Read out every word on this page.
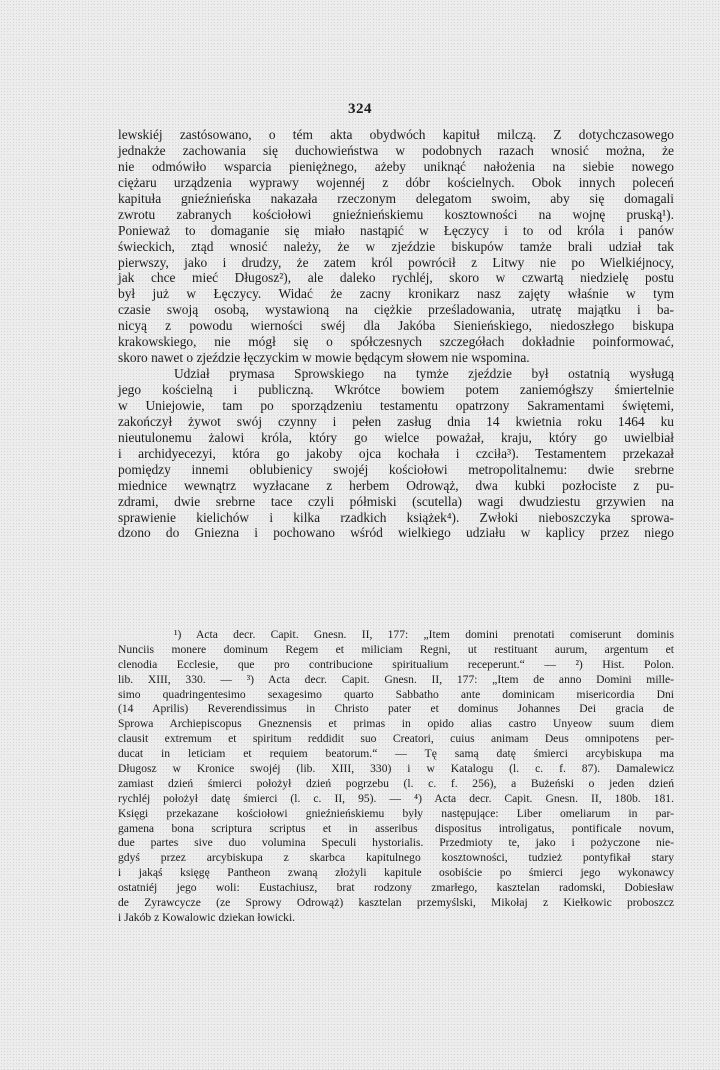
324
lewskiéj zastósowano, o tém akta obydwóch kapituł milczą. Z dotychczasowego
jednakże zachowania się duchowieństwa w podobnych razach wnosić można, że
nie odmówiło wsparcia pieniężnego, ażeby uniknąć nałożenia na siebie nowego
ciężaru urządzenia wyprawy wojennéj z dóbr kościelnych. Obok innych poleceń
kapituła gnieźnieńska nakazała rzeczonym delegatom swoim, aby się domagali
zwrotu zabranych kościołowi gnieźnieńskiemu kosztowności na wojnę pruską¹).
Ponieważ to domaganie się miało nastąpić w Łęczycy i to od króla i panów
świeckich, ztąd wnosić należy, że w zjeździe biskupów tamże brali udział tak
pierwszy, jako i drudzy, że zatem król powrócił z Litwy nie po Wielkiéjnocy,
jak chce mieć Długosz²), ale daleko rychléj, skoro w czwartą niedzielę postu
był już w Łęczycy. Widać że zacny kronikarz nasz zajęty właśnie w tym
czasie swoją osobą, wystawioną na ciężkie prześladowania, utratę majątku i ba-
nicyą z powodu wierności swéj dla Jakóba Sienieńskiego, niedoszłego biskupa
krakowskiego, nie mógł się o spółczesnych szczegółach dokładnie poinformować,
skoro nawet o zjeździe łęczyckim w mowie będącym słowem nie wspomina.
Udział prymasa Sprowskiego na tymże zjeździe był ostatnią wysługą
jego kościelną i publiczną. Wkrótce bowiem potem zaniemógłszy śmiertelnie
w Uniejowie, tam po sporządzeniu testamentu opatrzony Sakramentami świętemi,
zakończył żywot swój czynny i pełen zasług dnia 14 kwietnia roku 1464 ku
nieutulonemu żalowi króla, który go wielce poważał, kraju, który go uwielbiał
i archidyecezyi, która go jakoby ojca kochała i czciła³). Testamentem przekazał
pomiędzy innemi oblubienicy swojéj kościołowi metropolitalnemu: dwie srebrne
miednice wewnątrz wyzłacane z herbem Odrowąż, dwa kubki pozłociste z pu-
zdrami, dwie srebrne tace czyli półmiski (scutella) wagi dwudziestu grzywien na
sprawienie kielichów i kilka rzadkich książek⁴). Zwłoki nieboszczyka sprowa-
dzono do Gniezna i pochowano wśród wielkiego udziału w kaplicy przez niego
¹) Acta decr. Capit. Gnesn. II, 177: „Item domini prenotati comiserunt dominis
Nunciis monere dominum Regem et miliciam Regni, ut restituant aurum, argentum et
clenodia Ecclesie, que pro contribucione spiritualium receperunt.“ — ²) Hist. Polon.
lib. XIII, 330. — ³) Acta decr. Capit. Gnesn. II, 177: „Item de anno Domini mille-
simo quadringentesimo sexagesimo quarto Sabbatho ante dominicam misericordia Dni
(14 Aprilis) Reverendissimus in Christo pater et dominus Johannes Dei gracia de
Sprowa Archiepiscopus Gneznensis et primas in opido alias castro Unyeow suum diem
clausit extremum et spiritum reddidit suo Creatori, cuius animam Deus omnipotens per-
ducat in leticiam et requiem beatorum.“ — Tę samą datę śmierci arcybiskupa ma
Długosz w Kronice swojéj (lib. XIII, 330) i w Katalogu (l. c. f. 87). Damalewicz
zamiast dzień śmierci położył dzień pogrzebu (l. c. f. 256), a Bużeński o jeden dzień
rychléj położył datę śmierci (l. c. II, 95). — ⁴) Acta decr. Capit. Gnesn. II, 180b. 181.
Księgi przekazane kościołowi gnieźnieńskiemu były następujące: Liber omeliarum in par-
gamena bona scriptura scriptus et in asseribus dispositus introligatus, pontificale novum,
due partes sive duo volumina Speculi hystorialis. Przedmioty te, jako i pożyczone nie-
gdyś przez arcybiskupa z skarbca kapitulnego kosztowności, tudzież pontyfikał stary
i jakąś księgę Pantheon zwaną złożyli kapitule osobiście po śmierci jego wykonawcy
ostatniéj jego woli: Eustachiusz, brat rodzony zmarłego, kasztelan radomski, Dobiesław
de Zyrawcycze (ze Sprowy Odrowąż) kasztelan przemyślski, Mikołaj z Kiełkowic proboszcz
i Jakób z Kowalowic dziekan łowicki.
